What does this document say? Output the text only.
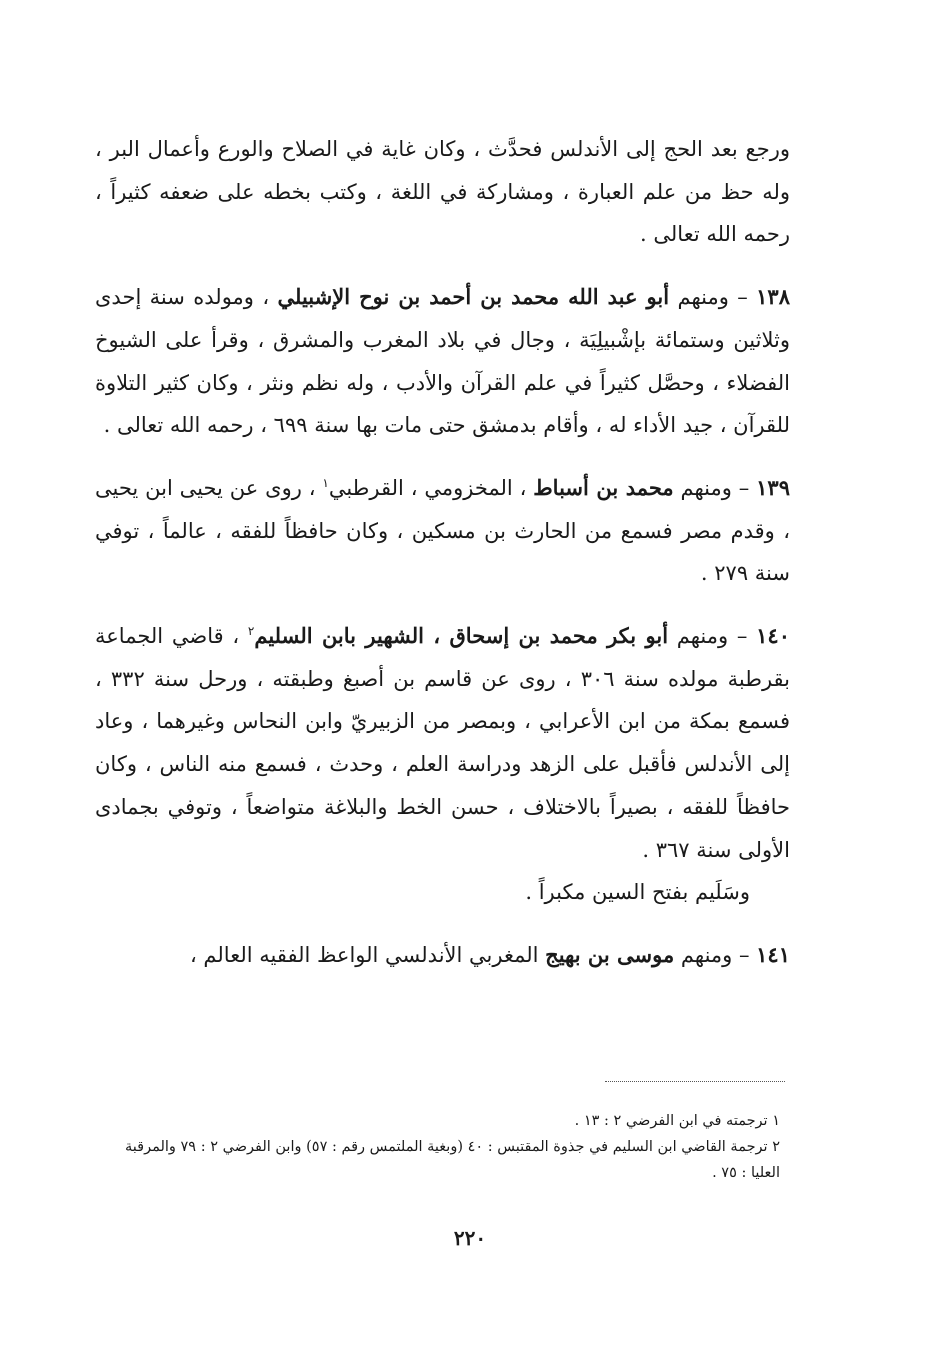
ورجع بعد الحج إلى الأندلس فحدَّث ، وكان غاية في الصلاح والورع وأعمال البر ، وله حظ من علم العبارة ، ومشاركة في اللغة ، وكتب بخطه على ضعفه كثيراً ، رحمه الله تعالى .

١٣٨ – ومنهم أبو عبد الله محمد بن أحمد بن نوح الإشبيلي ، ومولده سنة إحدى وثلاثين وستمائة بإشْبيلِيَة ، وجال في بلاد المغرب والمشرق ، وقرأ على الشيوخ الفضلاء ، وحصَّل كثيراً في علم القرآن والأدب ، وله نظم ونثر ، وكان كثير التلاوة للقرآن ، جيد الأداء له ، وأقام بدمشق حتى مات بها سنة ٦٩٩ ، رحمه الله تعالى .

١٣٩ – ومنهم محمد بن أسباط ، المخزومي ، القرطبي$^١$ ، روى عن يحيى ابن يحيى ، وقدم مصر فسمع من الحارث بن مسكين ، وكان حافظاً للفقه ، عالماً ، توفي سنة ٢٧٩ .

١٤٠ – ومنهم أبو بكر محمد بن إسحاق ، الشهير بابن السليم$^٢$ ، قاضي الجماعة بقرطبة مولده سنة ٣٠٦ ، روى عن قاسم بن أصبغ وطبقته ، ورحل سنة ٣٣٢ ، فسمع بمكة من ابن الأعرابي ، وبمصر من الزبيريّ وابن النحاس وغيرهما ، وعاد إلى الأندلس فأقبل على الزهد ودراسة العلم ، وحدث ، فسمع منه الناس ، وكان حافظاً للفقه ، بصيراً بالاختلاف ، حسن الخط والبلاغة متواضعاً ، وتوفي بجمادى الأولى سنة ٣٦٧ .

وسَلَيم بفتح السين مكبراً .

١٤١ – ومنهم موسى بن بهيج المغربي الأندلسي الواعظ الفقيه العالم ،

١ ترجمته في ابن الفرضي ٢ : ١٣ .

٢ ترجمة القاضي ابن السليم في جذوة المقتبس : ٤٠ (وبغية الملتمس رقم : ٥٧) وابن الفرضي ٢ : ٧٩ والمرقبة العليا : ٧٥ .

٢٢٠
